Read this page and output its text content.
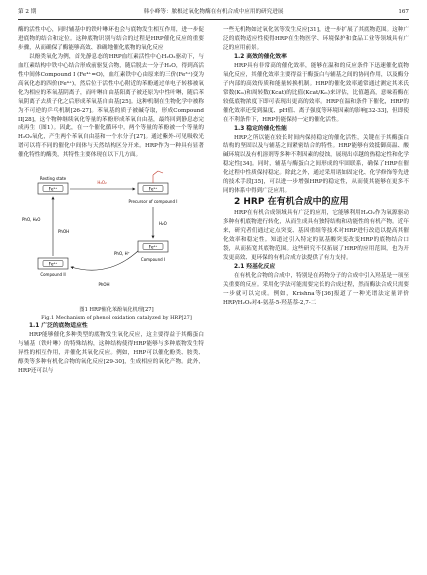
第 2 期	韩小峰等：脓根过氧化物酶在有机合成中应用的研究进展	167

酶的活性中心，同时辅基中的铁叶啉环也会与底物发生相互作用，进一步促进底物的结合和定位。这种底物识别与结合的过程是HRP催化反应的重要步骤，从而确保了酶能够高效、准确地催化底物的氧化反应

以酚类氧化为例，首先静息态的HRP血红素活性中心H₂O₂驱动下，与血红素结构中铁中心结合形成前驱复合物，随后脱去一分子H₂O，得到高活性中间体Compound I (Fe⁴⁺=O)，血红素铁中心由原来的三价(Fe³⁺)变为高氧化态的四价(Fe⁴⁺)，然后位于活性中心附近的苯酚通过单电子转移被氧化为相应的苯氧基阴离子，而叶啉自由基阳离子被还原为中性叶啉，随后苯氧阴离子去质子化之后形成苯氧基自由基[25]。这种机制在生物化学中被称为不可逆的乒乓机制[26-27]。苯氧基的质子被碱夺取，形成Compound II[28]，这个物种继续氧化等量的苯酚形成苯氧自由基，最终回到静息态完成再生（图1）。因此，在一个催化循环中，两个等量的苯酚被一个等量的H₂O₂氧化，产生两个苯氧自由基和一个水分子[27]。通过紫外-可见吸收光谱可以将不同的催化中间体与天然结构区分开来。HRP作为一种具有显著催化特性的酶类，其特性主要体现在以下几方面。

Fe³⁺
Resting state
Fe³⁺
Precursor of compound I
H₂O₂
Fe⁴⁺
Compound I
H₂O
Fe⁴⁺
Compound II
PhOH
PhO, H₂O
PhOH
PhO, H⁺

图1 HRP催化苯酚氧化机理[27]

Fig.1 Mechanism of phenol oxidation catalyzed by HRP[27]

1.1 广泛的底物适应性

HRP能够催化多种类型的底物发生氧化反应，这主要得益于其酶蛋白与辅基（铁叶啉）的特殊结构，这种结构使得HRP能够与多种底物发生特异性的相互作用，并催化其氧化反应。例如，HRP可以催化酚类、胺类、醇类等多种有机化合物的氧化反应[29-30]，生成相应的氧化产物。此外，HRP还可以与

一些无机物如过氧化氢等发生反应[31]，进一步扩展了其底物范围。这种广泛的底物适应性使得HRP在生物医学、环境保护和食品工业等领域具有广泛的应用前景。

1.2 高效的催化效率

HRP具有非常高的催化效率，能够在温和的反应条件下迅速催化底物氧化反应，其催化效率主要得益于酶蛋白与辅基之间的协同作用，以及酶分子内部的高效传质和能量转换机制。HRP的催化效率通常通过测定其米氏常数(Kₘ)和周转数(Kcat)的比值(Kcat/Kₘ)来评估，比值越高，意味着酶在较低底物浓度下即可表现出更高的效率。HRP在温和条件下催化，HRP的催化效率还受到温度、pH值、离子强度等环境因素的影响[32-33]，但即使在不利条件下，HRP仍能保持一定的催化活性。

1.3 稳定的催化性能

HRP之所以能在较长时间内保持稳定的催化活性，关键在于其酶蛋白结构的坚固以及与辅基之间紧密结合的特性。HRP能够有效抵御高温、酸碱环境以及有机溶剂等多种不利因素的侵蚀，展现出卓越的热稳定性和化学稳定性[34]。同时，辅基与酶蛋白之间形成的牢固联系，确保了HRP在催化过程中性质保持稳定。除此之外，通过采用诸如固定化、化学修饰等先进的技术手段[35]，可以进一步增强HRP的稳定性，从而使其能够在更多不同的体系中得到广泛应用。

2 HRP 在有机合成中的应用

HRP在有机合成领域具有广泛的应用，它能够利用H₂O₂作为氧源驱动多种有机底物进行转化，从而生成具有独特结构和功能性的有机产物。近年来，研究者们通过定点突变、基因重组等技术对HRP进行改造以提高其催化效率和稳定性。知道过引入特定的氨基酸突变改变HRP的底物结合口袋，从而拓宽其底物范围。这些研究不仅拓展了HRP的应用范围，也为开发更高效、更环保的有机合成方法提供了有力支持。

2.1 羟基化反应

在有机化合物的合成中，特别是在药物分子的合成中引入羟基是一项至关重要的反应。采用化学法可能需要完长的合成过程，然而酶法合成只需要一步就可以完成。例如，Krishna等[36]报道了一种光谱法定量评价HRP/H₂O₂对4-氨基-5-羟基萘-2,7-二
